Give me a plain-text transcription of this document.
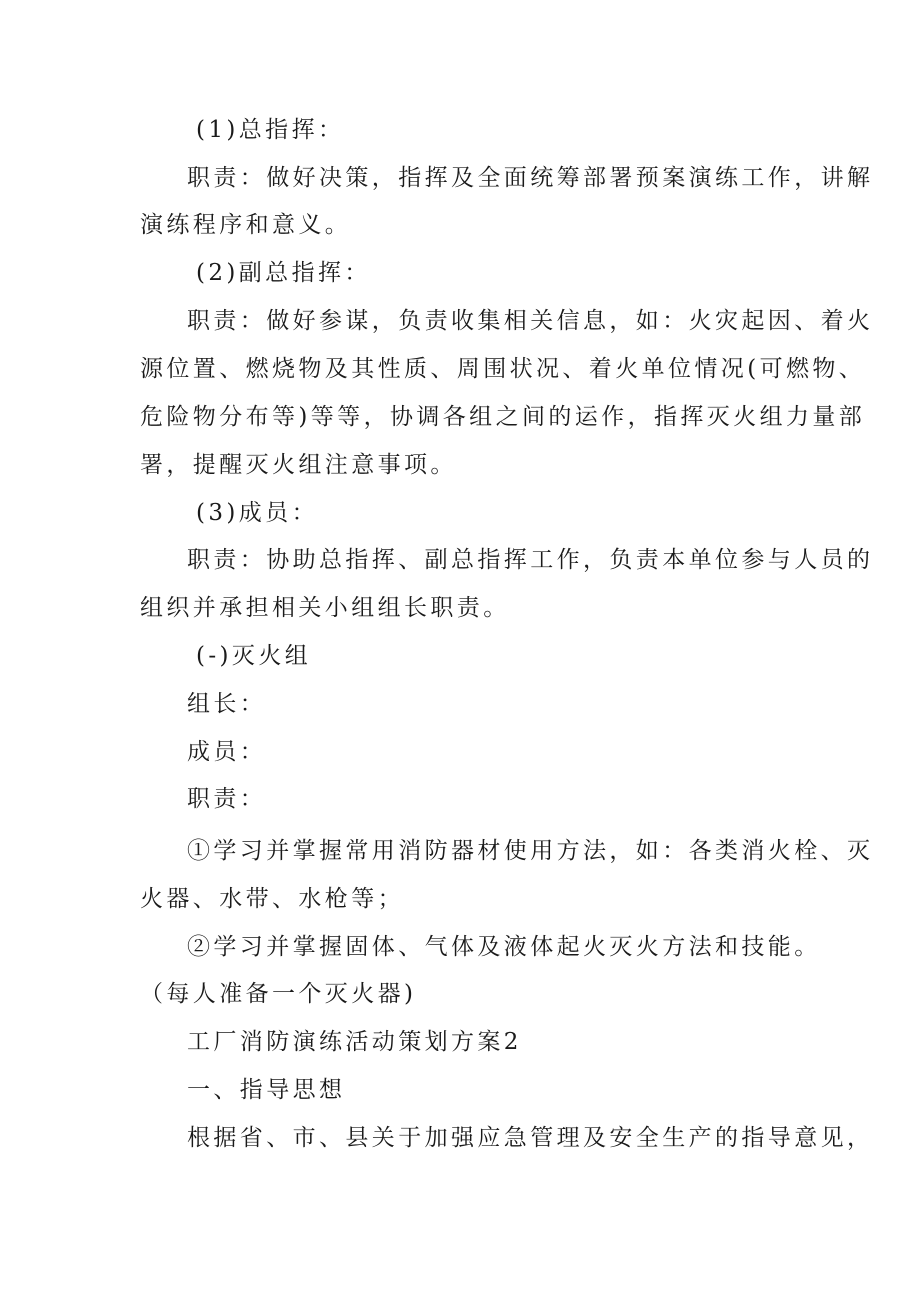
(1)总指挥：
职责：做好决策，指挥及全面统筹部署预案演练工作，讲解
演练程序和意义。
(2)副总指挥：
职责：做好参谋，负责收集相关信息，如：火灾起因、着火
源位置、燃烧物及其性质、周围状况、着火单位情况(可燃物、
危险物分布等)等等，协调各组之间的运作，指挥灭火组力量部
署，提醒灭火组注意事项。
(3)成员：
职责：协助总指挥、副总指挥工作，负责本单位参与人员的
组织并承担相关小组组长职责。
(-)灭火组
组长：
成员：
职责：
①学习并掌握常用消防器材使用方法，如：各类消火栓、灭
火器、水带、水枪等；
②学习并掌握固体、气体及液体起火灭火方法和技能。
（每人准备一个灭火器)
工厂消防演练活动策划方案2
一、指导思想
根据省、市、县关于加强应急管理及安全生产的指导意见，
